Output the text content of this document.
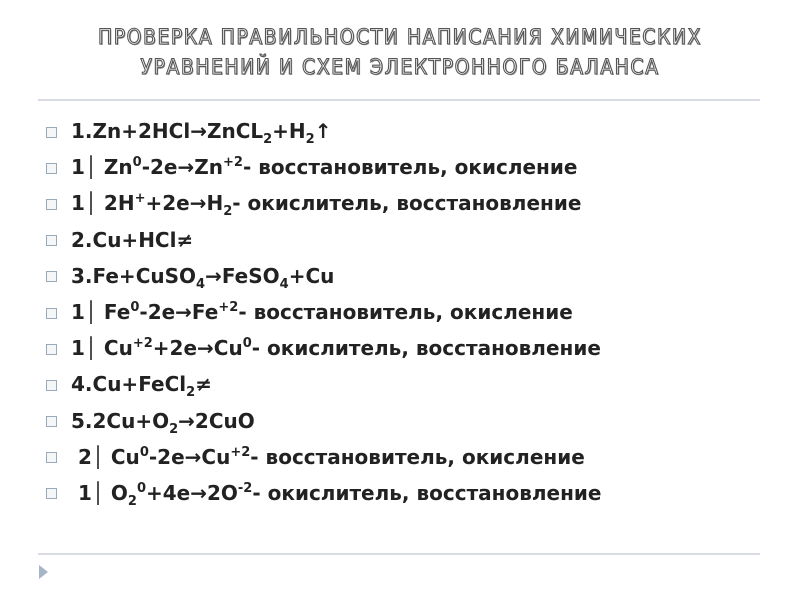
ПРОВЕРКА ПРАВИЛЬНОСТИ НАПИСАНИЯ ХИМИЧЕСКИХ
УРАВНЕНИЙ И СХЕМ ЭЛЕКТРОННОГО БАЛАНСА
$1.Zn+2HCl\to ZnCL_2+H_2↑$
1│ $Zn^0-2e\to Zn^{+2}-$ восстановитель, окисление
1│ $2H^++2e\to H_2-$ окислитель, восстановление
2.Cu+HCl≠
3.Fe+CuSO$_4$→FeSO$_4$+Cu
1│ $Fe^0-2e\to Fe^{+2}-$ восстановитель, окисление
1│ $Cu^{+2}+2e\to Cu^0-$ окислитель, восстановление
4.Cu+FeCl$_2$≠
$5.2Cu+O_2\to 2CuO$
2│ $Cu^0-2e\to Cu^{+2}-$ восстановитель, окисление
1│ $O_2^0+4e\to 2O^{-2}-$ окислитель, восстановление
